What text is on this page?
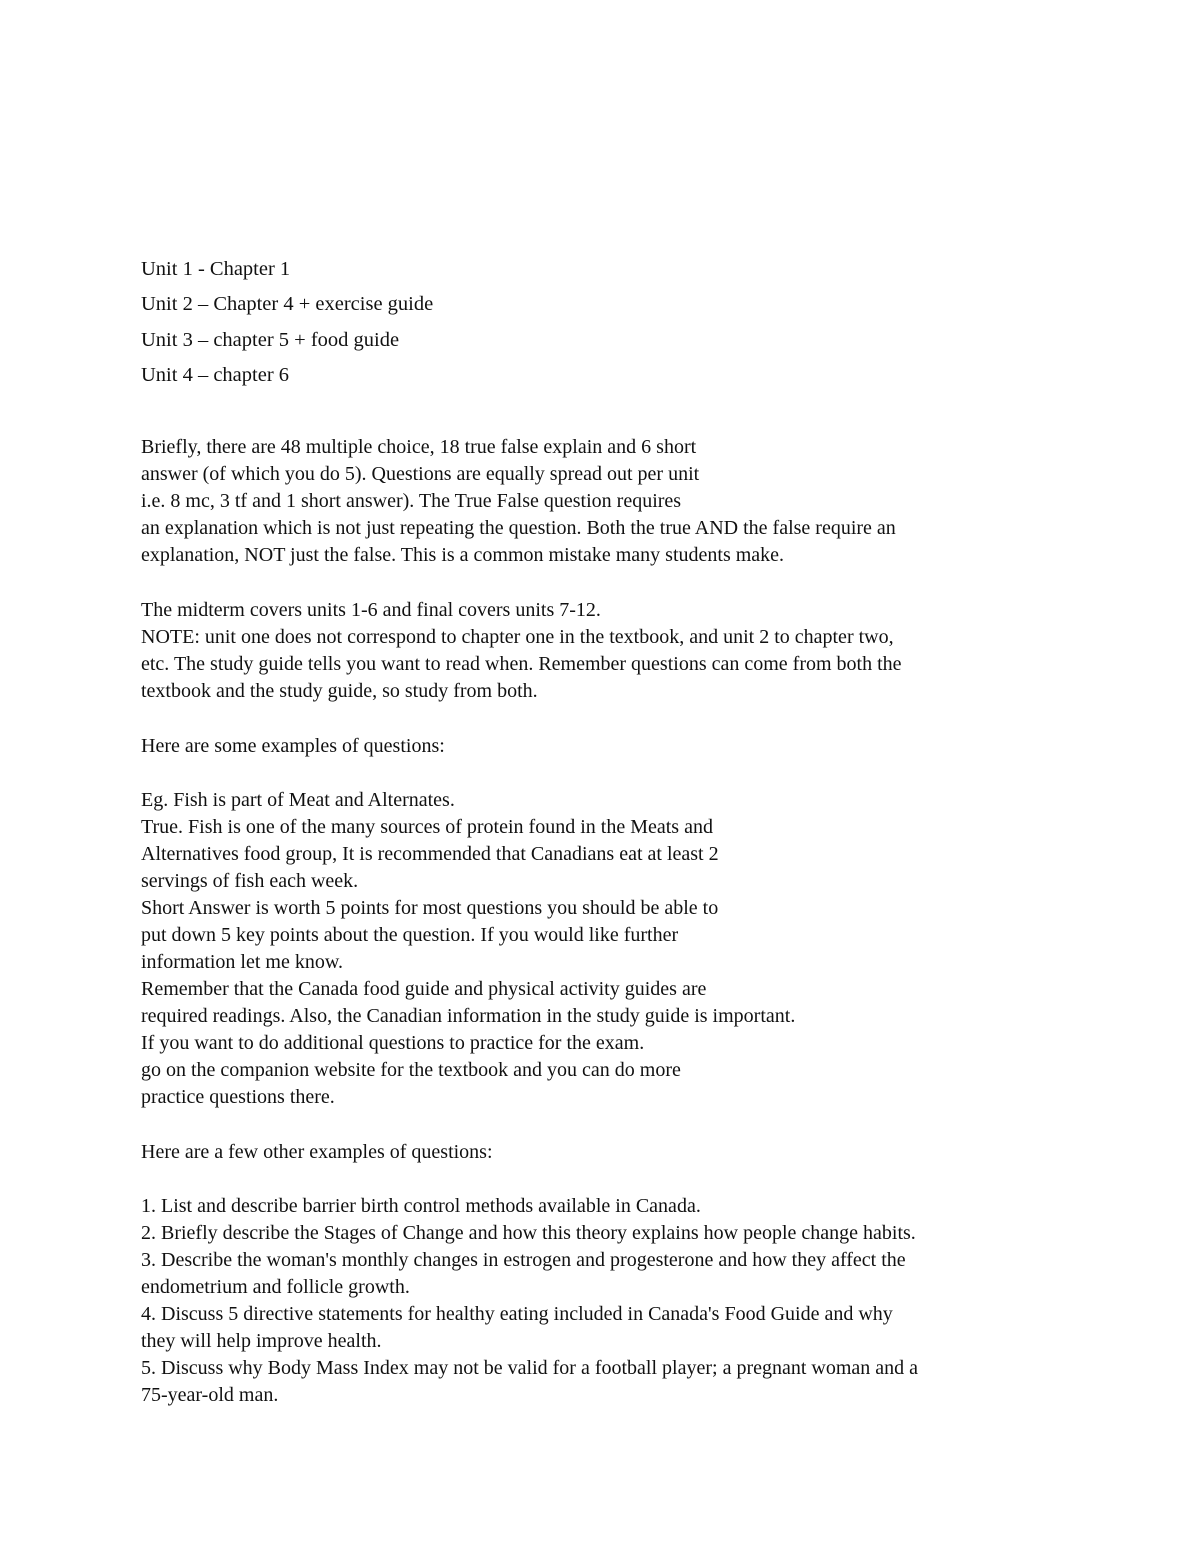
Unit 1 - Chapter 1

Unit 2 – Chapter 4 + exercise guide

Unit 3 – chapter 5 + food guide

Unit 4 – chapter 6

Briefly, there are 48 multiple choice, 18 true false explain and 6 short

answer (of which you do 5). Questions are equally spread out per unit

i.e. 8 mc, 3 tf and 1 short answer). The True False question requires

an explanation which is not just repeating the question. Both the true AND the false require an

explanation, NOT just the false. This is a common mistake many students make.

The midterm covers units 1-6 and final covers units 7-12.

NOTE: unit one does not correspond to chapter one in the textbook, and unit 2 to chapter two,

etc. The study guide tells you want to read when. Remember questions can come from both the

textbook and the study guide, so study from both.

Here are some examples of questions:

Eg. Fish is part of Meat and Alternates.

True. Fish is one of the many sources of protein found in the Meats and

Alternatives food group, It is recommended that Canadians eat at least 2

servings of fish each week.

Short Answer is worth 5 points for most questions you should be able to

put down 5 key points about the question. If you would like further

information let me know.

Remember that the Canada food guide and physical activity guides are

required readings. Also, the Canadian information in the study guide is important.

If you want to do additional questions to practice for the exam.

go on the companion website for the textbook and you can do more

practice questions there.

Here are a few other examples of questions:

1. List and describe barrier birth control methods available in Canada.

2. Briefly describe the Stages of Change and how this theory explains how people change habits.

3. Describe the woman's monthly changes in estrogen and progesterone and how they affect the

endometrium and follicle growth.

4. Discuss 5 directive statements for healthy eating included in Canada's Food Guide and why

they will help improve health.

5. Discuss why Body Mass Index may not be valid for a football player; a pregnant woman and a

75-year-old man.
